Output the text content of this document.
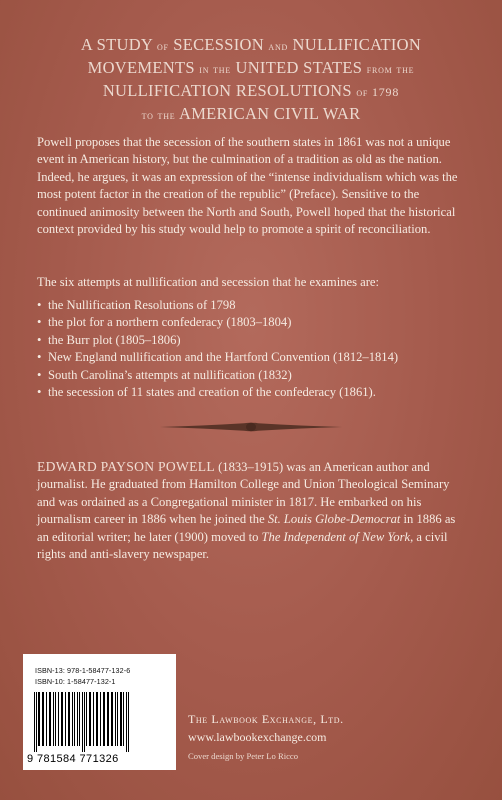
A STUDY of SECESSION and NULLIFICATION
MOVEMENTS in the UNITED STATES from the
NULLIFICATION RESOLUTIONS of 1798
to the AMERICAN CIVIL WAR

Powell proposes that the secession of the southern states in 1861 was not a unique event in American history, but the culmination of a tradition as old as the nation. Indeed, he argues, it was an expression of the “intense individualism which was the most potent factor in the creation of the republic” (Preface). Sensitive to the continued animosity between the North and South, Powell hoped that the historical context provided by his study would help to promote a spirit of reconciliation.

The six attempts at nullification and secession that he examines are:

• the Nullification Resolutions of 1798
• the plot for a northern confederacy (1803–1804)
• the Burr plot (1805–1806)
• New England nullification and the Hartford Convention (1812–1814)
• South Carolina’s attempts at nullification (1832)
• the secession of 11 states and creation of the confederacy (1861).

EDWARD PAYSON POWELL (1833–1915) was an American author and journalist. He graduated from Hamilton College and Union Theological Seminary and was ordained as a Congregational minister in 1817. He embarked on his journalism career in 1886 when he joined the St. Louis Globe-Democrat in 1886 as an editorial writer; he later (1900) moved to The Independent of New York, a civil rights and anti-slavery newspaper.

ISBN-13: 978-1-58477-132-6
ISBN-10: 1-58477-132-1
9 781584 771326
The Lawbook Exchange, Ltd.
www.lawbookexchange.com
Cover design by Peter Lo Ricco
